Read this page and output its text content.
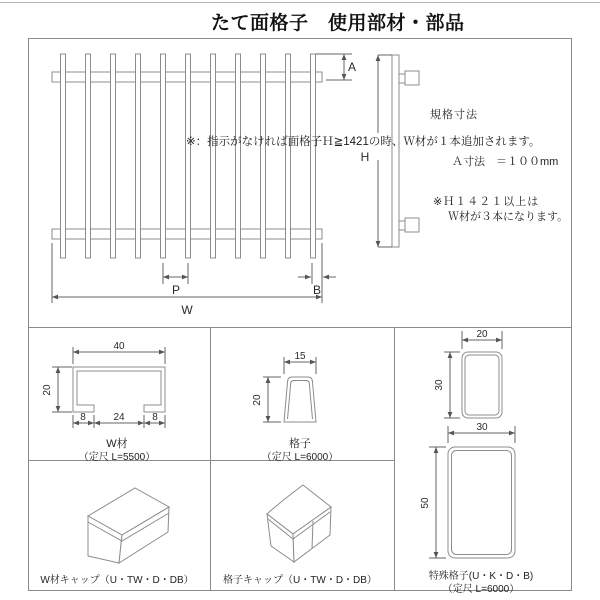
たて面格子　使用部材・部品
A
H
P	B
W
40
20
8	24	8
15
20
20
30
30
50
※：指示がなければ面格子Ｈ≧1421の時、Ｗ材が１本追加されます。
規格寸法
Ａ寸法　＝１００mm
※Ｈ１４２１以上は
Ｗ材が３本になります。
W材
（定尺 L=5500）
格子
（定尺 L=6000）
特殊格子(U・K・D・B)
（定尺 L=6000）
W材キャップ（U・TW・D・DB）	格子キャップ（U・TW・D・DB）
